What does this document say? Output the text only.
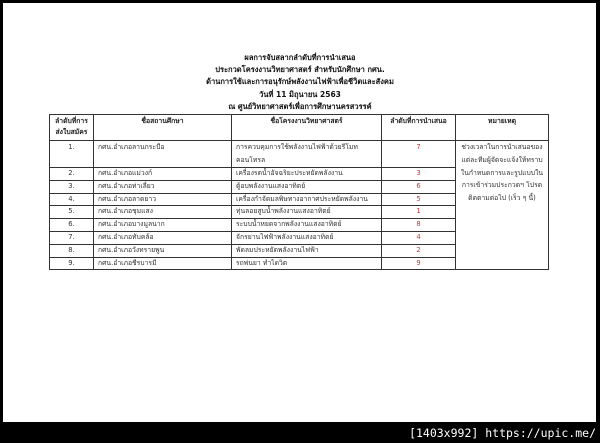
ผลการจับสลากลำดับที่การนำเสนอ
ประกวดโครงงานวิทยาศาสตร์ สำหรับนักศึกษา กศน.
ด้านการใช้และการอนุรักษ์พลังงานไฟฟ้าเพื่อชีวิตและสังคม
วันที่ 11 มิถุนายน 2563
ณ ศูนย์วิทยาศาสตร์เพื่อการศึกษานครสวรรค์
ลำดับที่การส่งใบสมัคร	ชื่อสถานศึกษา	ชื่อโครงงานวิทยาศาสตร์	ลำดับที่การนำเสนอ	หมายเหตุ
1.	กศน.อำเภอลานกระบือ	การควบคุมการใช้พลังงานไฟฟ้าด้วยรีโมท คอนโทรล	7	ช่วงเวลาในการนำเสนอของแต่ละทีมผู้จัดจะแจ้งให้ทราบในกำหนดการและรูปแบบในการเข้าร่วมประกวดฯ โปรดติดตามต่อไป (เร็ว ๆ นี้)
2.	กศน.อำเภอแม่วงก์	เครื่องรดน้ำอัจฉริยะประหยัดพลังงาน	3	
3.	กศน.อำเภอท่าเลี่ยว	ตู้อบพลังงานแสงอาทิตย์	6	
4.	กศน.อำเภอลาดยาว	เครื่องกำจัดมลพิษทางอากาศประหยัดพลังงาน	5	
5.	กศน.อำเภอชุมแสง	ทุ่นลอยสูบน้ำพลังงานแสงอาทิตย์	1	
6.	กศน.อำเภอบางมูลนาก	ระบบน้ำหยดจากพลังงานแสงอาทิตย์	8	
7.	กศน.อำเภอทับคล้อ	จักรยานไฟฟ้าพลังงานแสงอาทิตย์	4	
8.	กศน.อำเภอวังทรายพูน	พัดลมประหยัดพลังงานไฟฟ้า	2	
9.	กศน.อำเภอชีรบารมี	รถพ่นยา ทำไดวิต	9	
[1403x992] https://upic.me/
